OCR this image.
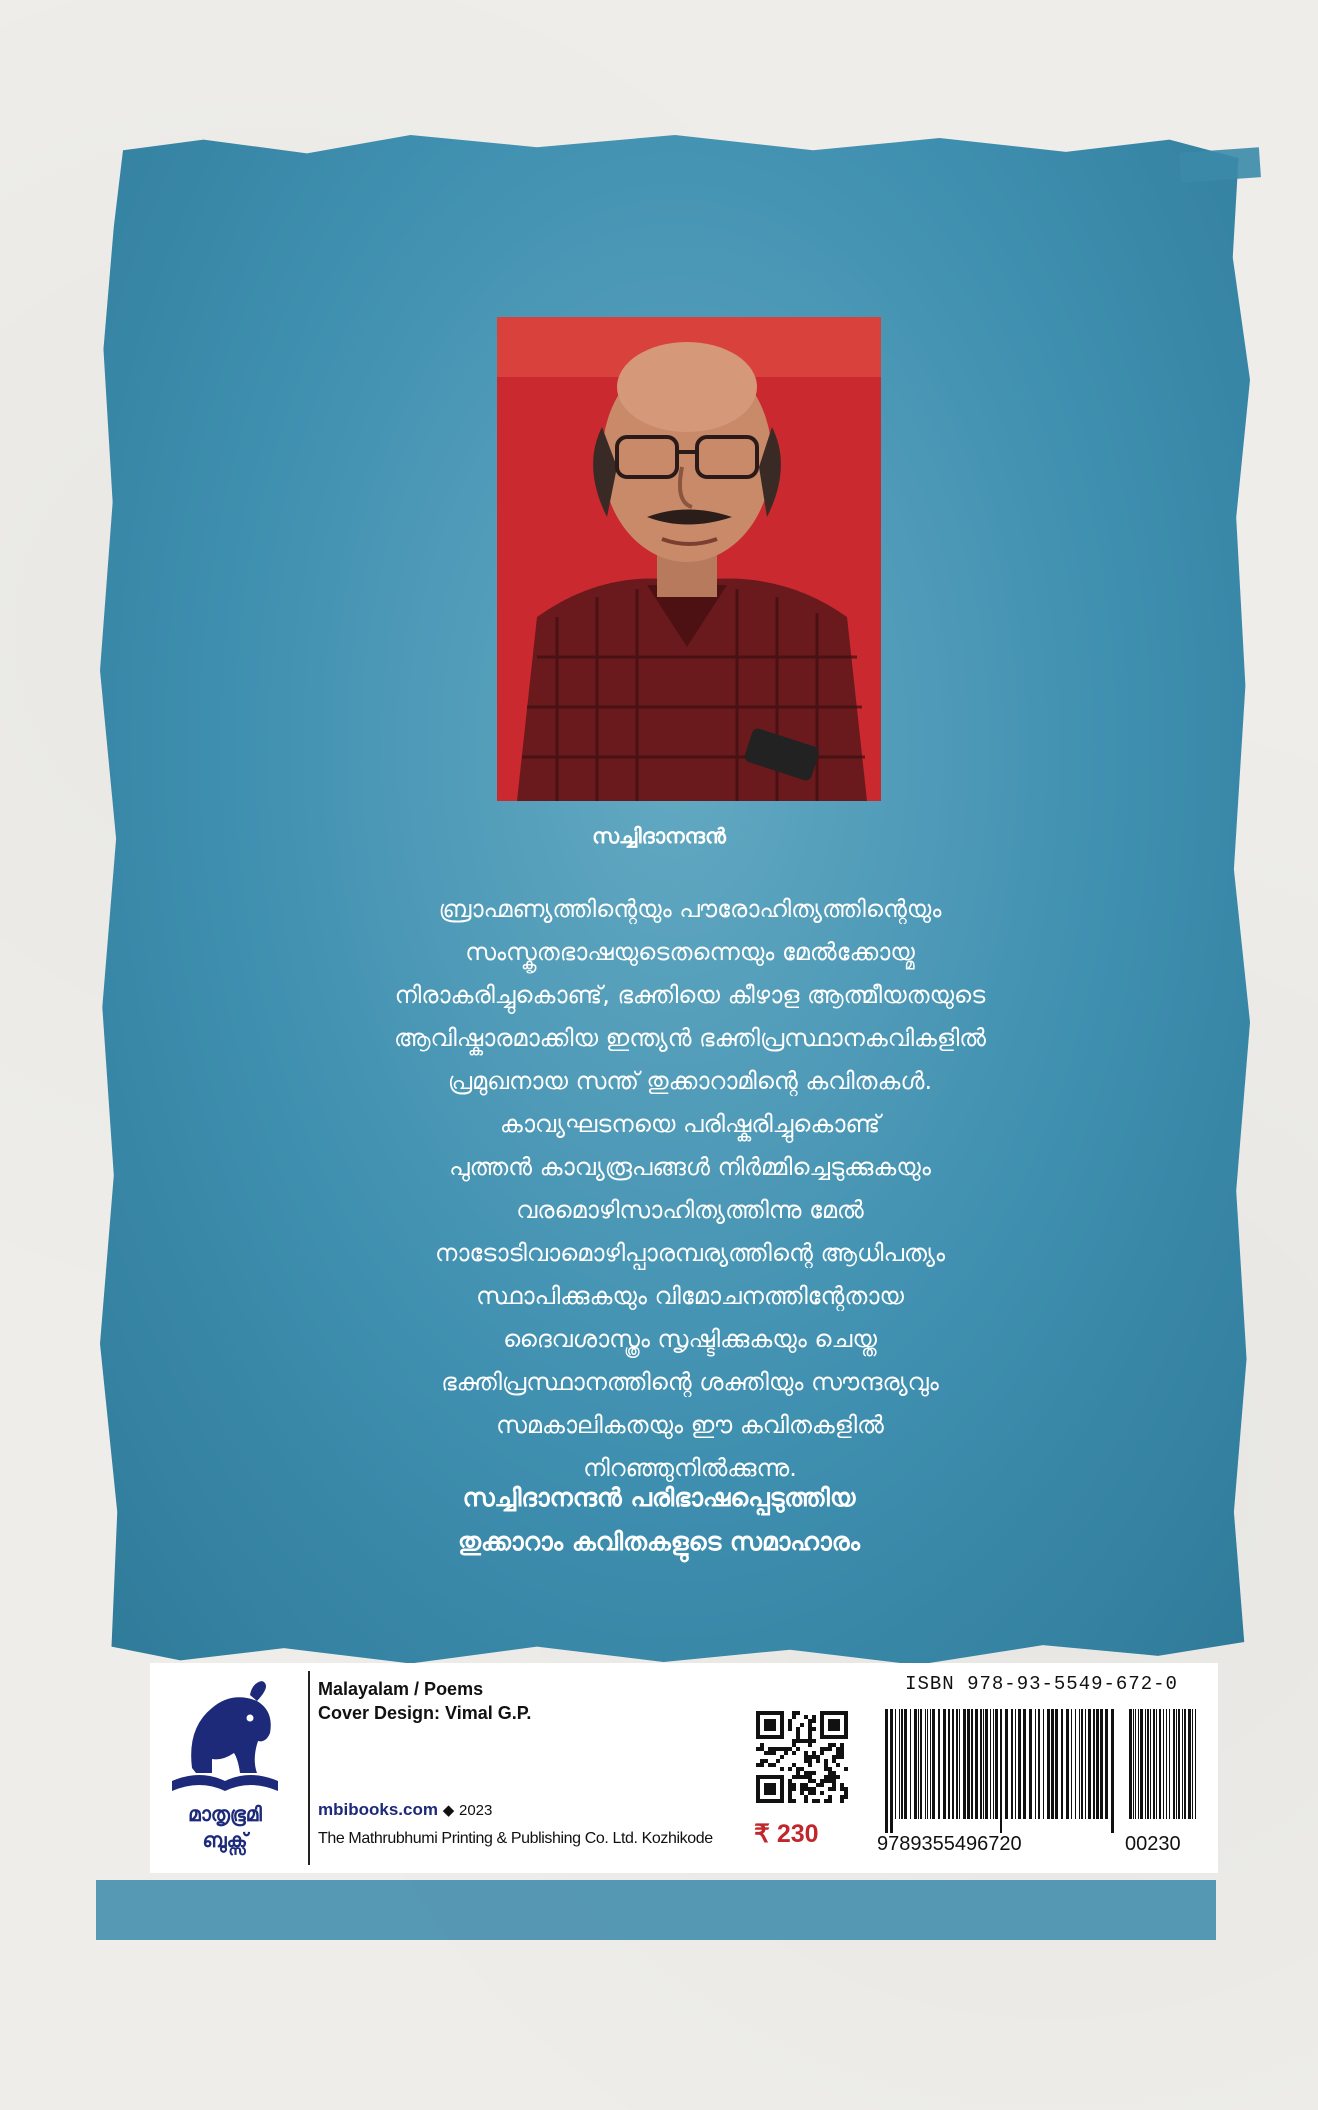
സച്ചിദാനന്ദൻ
ബ്രാഹ്മണ്യത്തിന്റെയും പൗരോഹിത്യത്തിന്റെയും
സംസ്കൃതഭാഷയുടെതന്നെയും മേൽക്കോയ്മ
നിരാകരിച്ചുകൊണ്ട്, ഭക്തിയെ കീഴാള ആത്മീയതയുടെ
ആവിഷ്കാരമാക്കിയ ഇന്ത്യൻ ഭക്തിപ്രസ്ഥാനകവികളിൽ
പ്രമുഖനായ സന്ത് തുക്കാറാമിന്റെ കവിതകൾ.
കാവ്യഘടനയെ പരിഷ്കരിച്ചുകൊണ്ട്
പുത്തൻ കാവ്യരൂപങ്ങൾ നിർമ്മിച്ചെടുക്കുകയും
വരമൊഴിസാഹിത്യത്തിന്നു മേൽ
നാടോടിവാമൊഴിപ്പാരമ്പര്യത്തിന്റെ ആധിപത്യം
സ്ഥാപിക്കുകയും വിമോചനത്തിന്റേതായ
ദൈവശാസ്ത്രം സൃഷ്ടിക്കുകയും ചെയ്ത
ഭക്തിപ്രസ്ഥാനത്തിന്റെ ശക്തിയും സൗന്ദര്യവും
സമകാലികതയും ഈ കവിതകളിൽ
നിറഞ്ഞുനിൽക്കുന്നു.
സച്ചിദാനന്ദൻ പരിഭാഷപ്പെടുത്തിയ
തുക്കാറാം കവിതകളുടെ സമാഹാരം
മാതൃഭൂമി
ബുക്സ്
Malayalam / Poems
Cover Design: Vimal G.P.
mbibooks.com ◆ 2023
The Mathrubhumi Printing & Publishing Co. Ltd. Kozhikode ₹ 230
ISBN 978-93-5549-672-0
9789355496720	00230
